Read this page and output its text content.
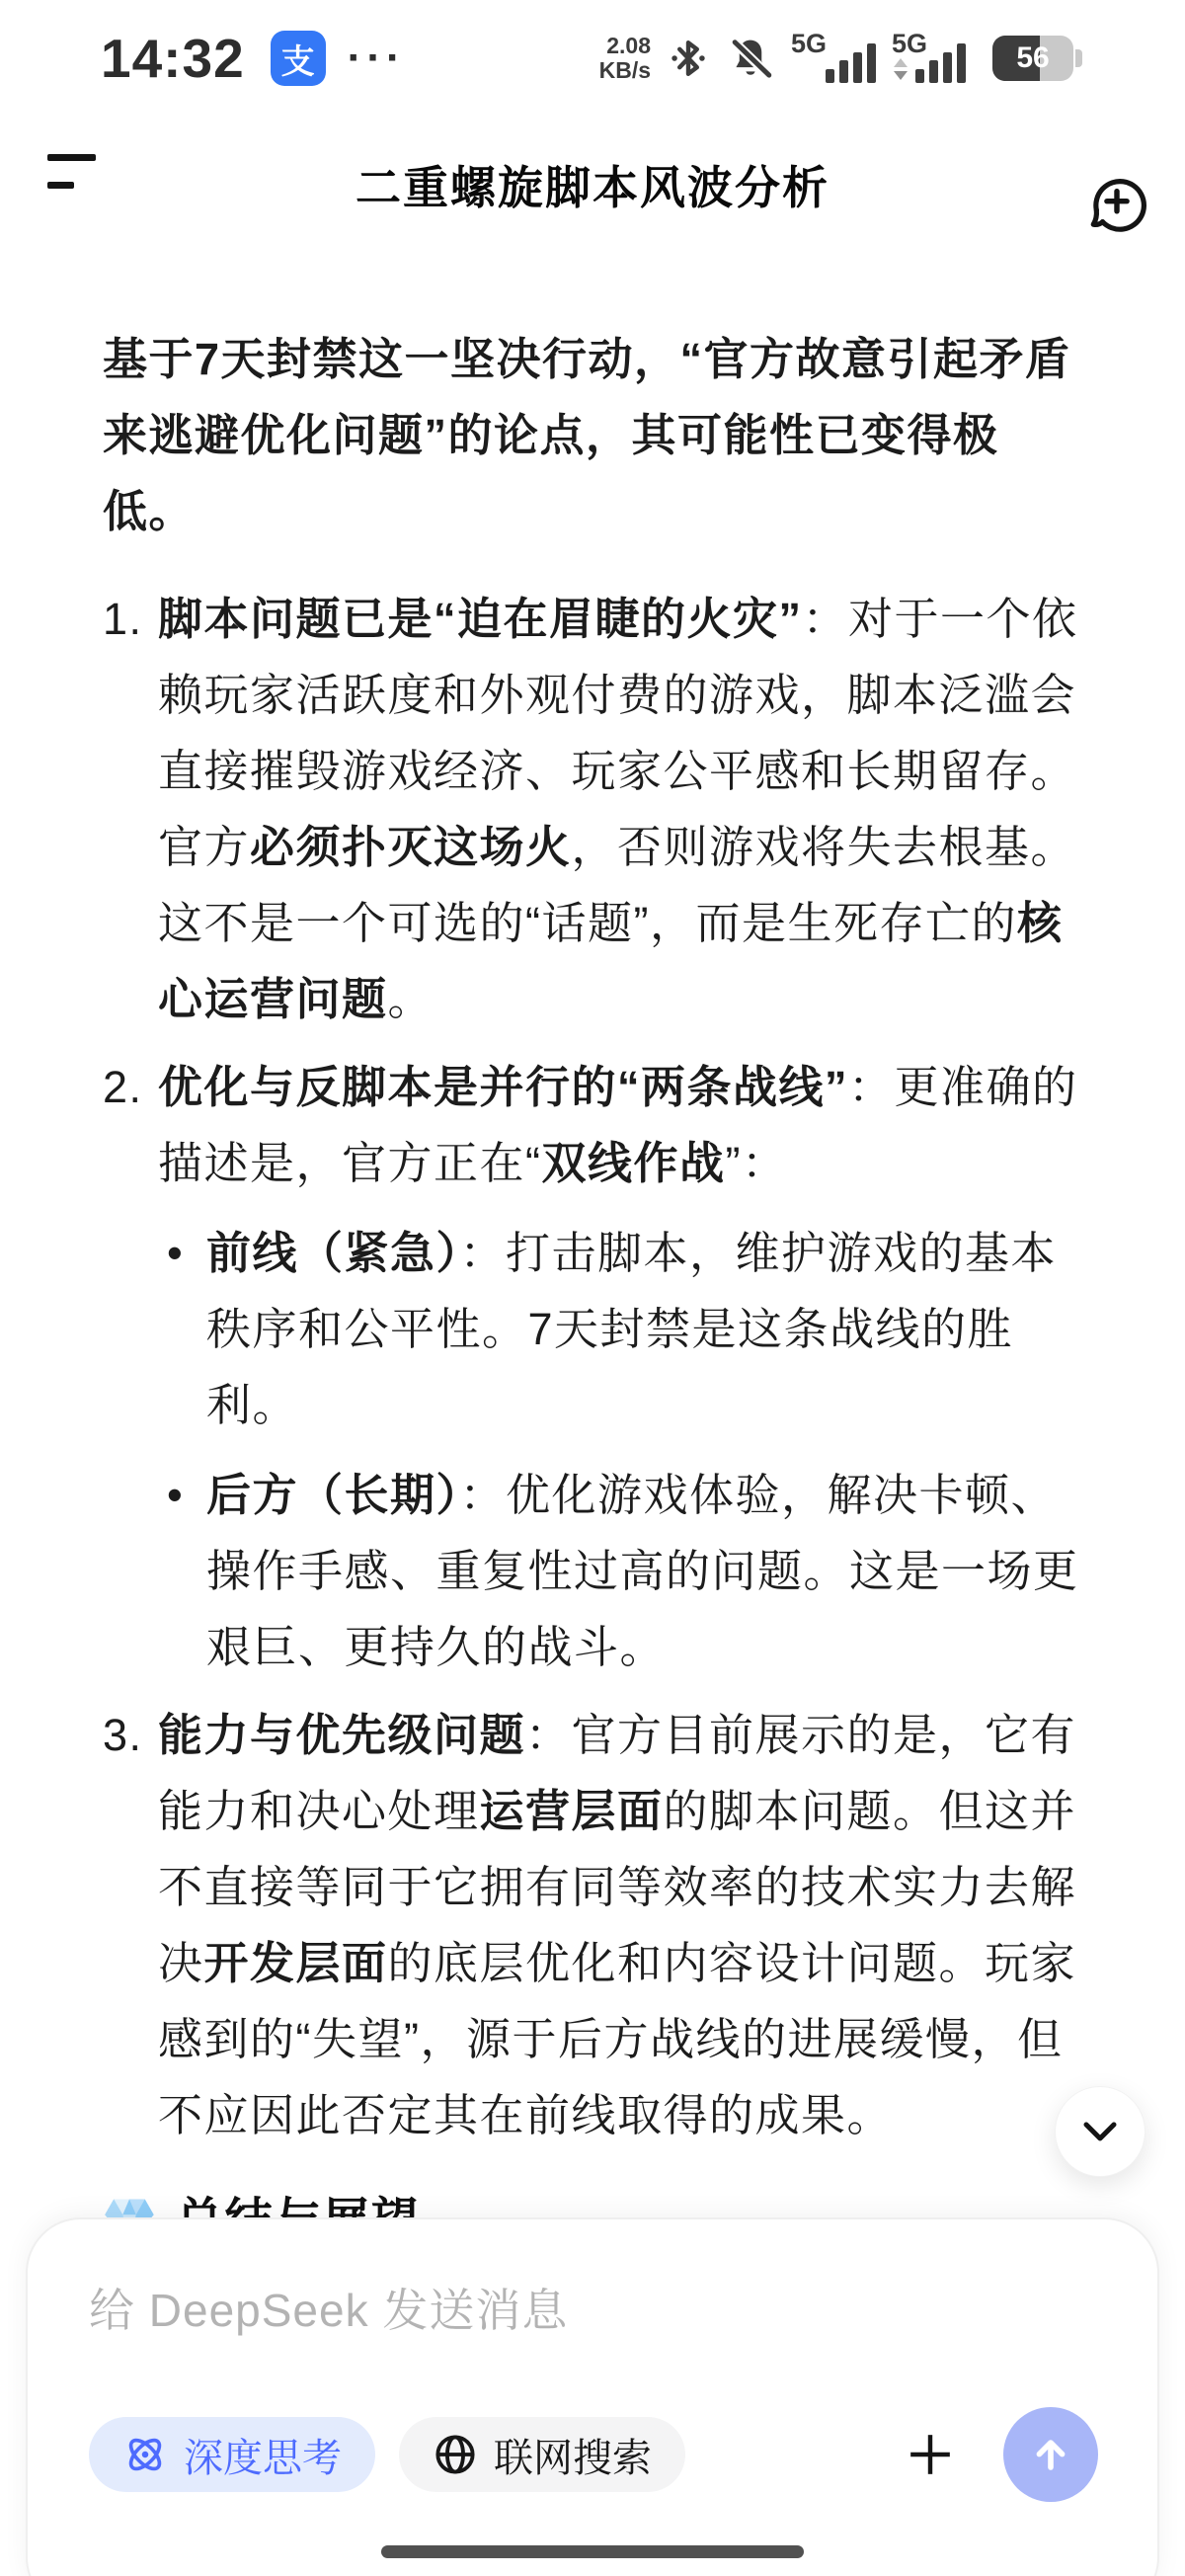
14:32	支 ···	2.08
KB/s
5G 5G	56
二重螺旋脚本风波分析
基于7天封禁这一坚决行动，“官方故意引起矛盾来逃避优化问题”的论点，其可能性已变得极低。
1. 脚本问题已是“迫在眉睫的火灾”：对于一个依赖玩家活跃度和外观付费的游戏，脚本泛滥会直接摧毁游戏经济、玩家公平感和长期留存。官方必须扑灭这场火，否则游戏将失去根基。这不是一个可选的“话题”，而是生死存亡的核心运营问题。
2. 优化与反脚本是并行的“两条战线”：更准确的描述是，官方正在“双线作战”：
• 前线（紧急）：打击脚本，维护游戏的基本秩序和公平性。7天封禁是这条战线的胜利。
• 后方（长期）：优化游戏体验，解决卡顿、操作手感、重复性过高的问题。这是一场更艰巨、更持久的战斗。
3. 能力与优先级问题：官方目前展示的是，它有能力和决心处理运营层面的脚本问题。但这并不直接等同于它拥有同等效率的技术实力去解决开发层面的底层优化和内容设计问题。玩家感到的“失望”，源于后方战线的进展缓慢，但不应因此否定其在前线取得的成果。
给 DeepSeek 发送消息
深度思考	联网搜索
